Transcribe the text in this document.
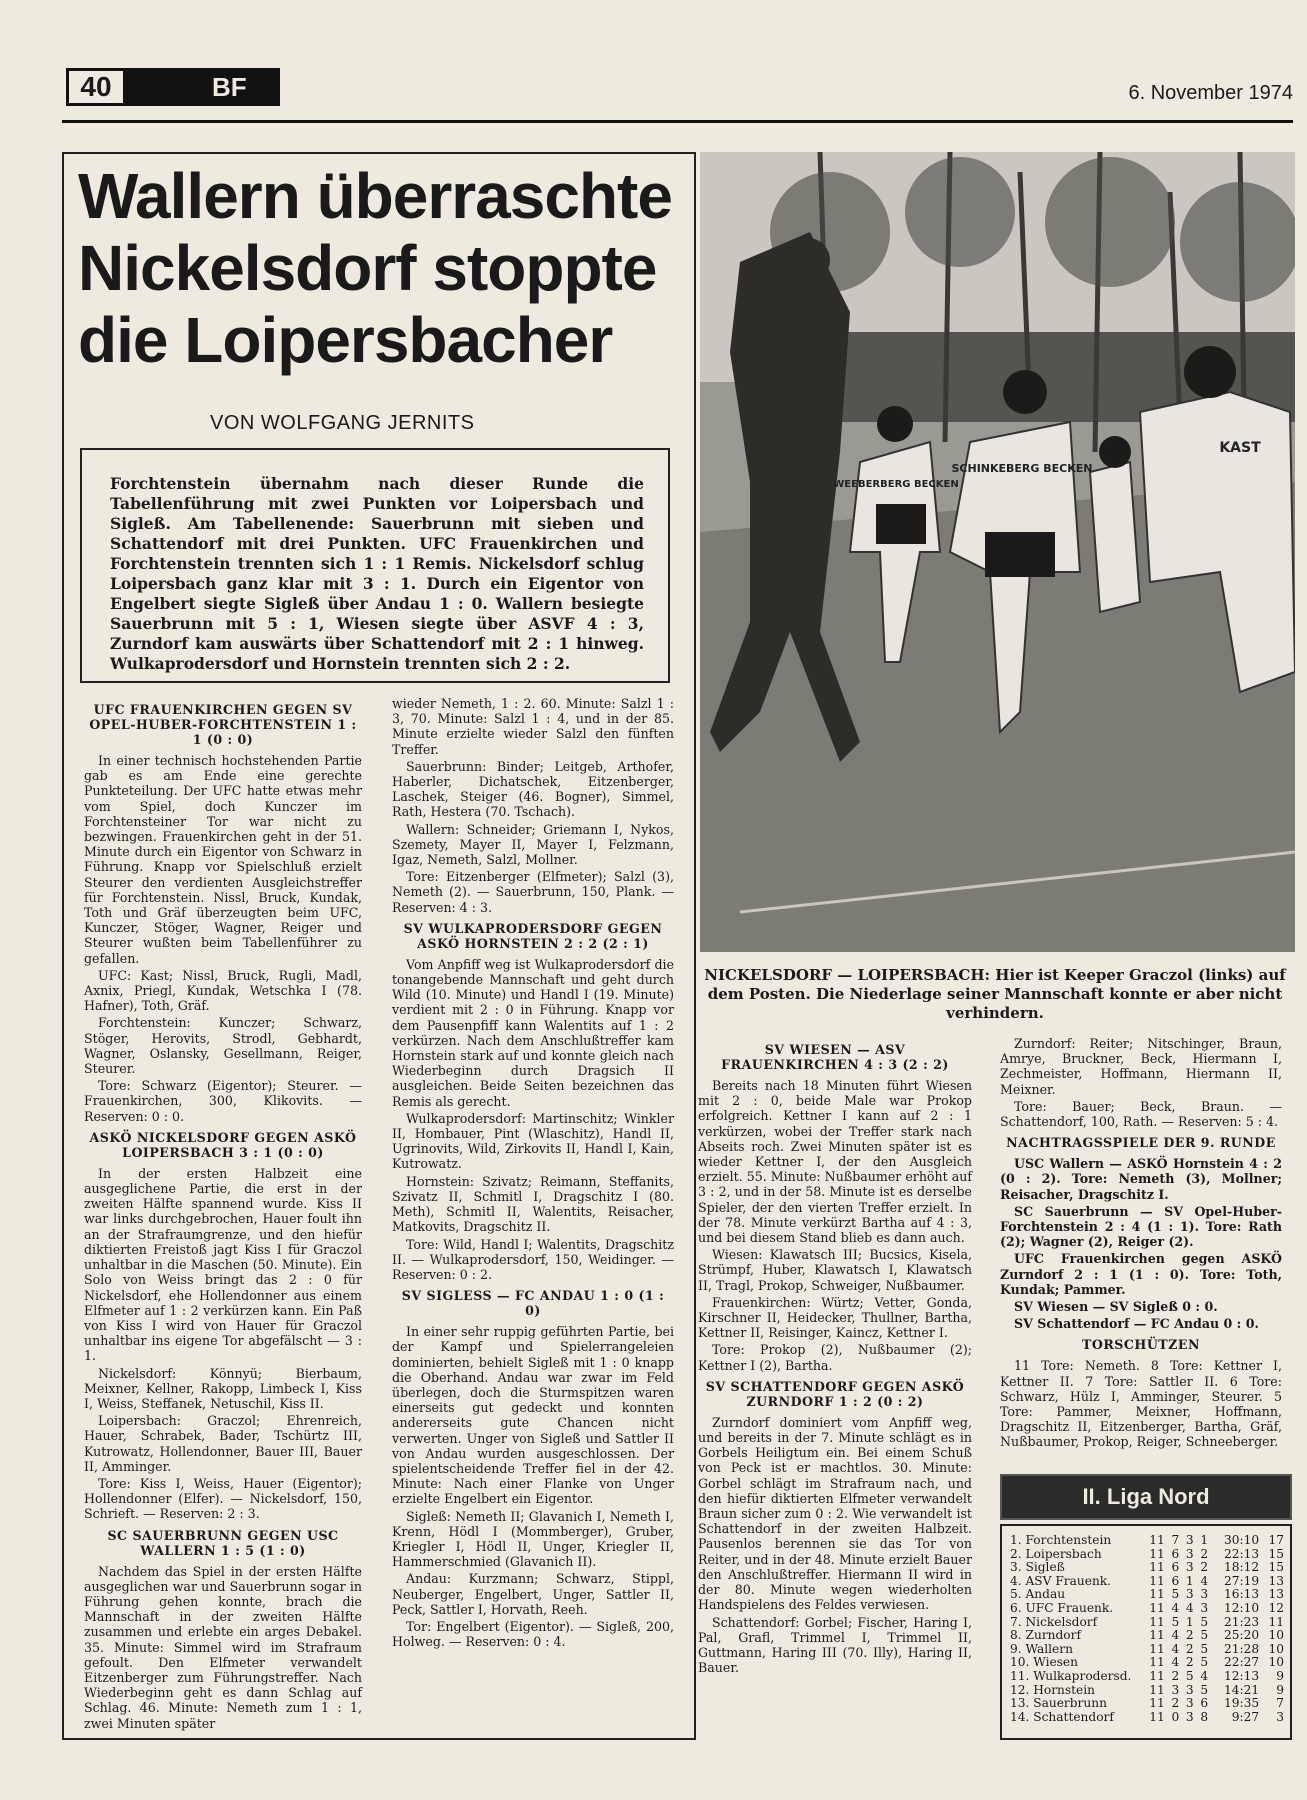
40	BF	6. November 1974
Wallern überraschte Nickelsdorf stoppte die Loipersbacher
VON WOLFGANG JERNITS
Forchtenstein übernahm nach dieser Runde die Tabellenführung mit zwei Punkten vor Loipersbach und Sigleß. Am Tabellenende: Sauerbrunn mit sieben und Schattendorf mit drei Punkten. UFC Frauenkirchen und Forchtenstein trennten sich 1 : 1 Remis. Nickelsdorf schlug Loipersbach ganz klar mit 3 : 1. Durch ein Eigentor von Engelbert siegte Sigleß über Andau 1 : 0. Wallern besiegte Sauerbrunn mit 5 : 1, Wiesen siegte über ASVF 4 : 3, Zurndorf kam auswärts über Schattendorf mit 2 : 1 hinweg. Wulkaprodersdorf und Hornstein trennten sich 2 : 2.
UFC FRAUENKIRCHEN GEGEN SV OPEL-HUBER-FORCHTENSTEIN 1 : 1 (0 : 0)

In einer technisch hochstehenden Partie gab es am Ende eine gerechte Punkteteilung. Der UFC hatte etwas mehr vom Spiel, doch Kunczer im Forchtensteiner Tor war nicht zu bezwingen. Frauenkirchen geht in der 51. Minute durch ein Eigentor von Schwarz in Führung. Knapp vor Spielschluß erzielt Steurer den verdienten Ausgleichstreffer für Forchtenstein. Nissl, Bruck, Kundak, Toth und Gräf überzeugten beim UFC, Kunczer, Stöger, Wagner, Reiger und Steurer wußten beim Tabellenführer zu gefallen.

UFC: Kast; Nissl, Bruck, Rugli, Madl, Axnix, Priegl, Kundak, Wetschka I (78. Hafner), Toth, Gräf.

Forchtenstein: Kunczer; Schwarz, Stöger, Herovits, Strodl, Gebhardt, Wagner, Oslansky, Gesellmann, Reiger, Steurer.

Tore: Schwarz (Eigentor); Steurer. — Frauenkirchen, 300, Klikovits. — Reserven: 0 : 0.

ASKÖ NICKELSDORF GEGEN ASKÖ LOIPERSBACH 3 : 1 (0 : 0)

In der ersten Halbzeit eine ausgeglichene Partie, die erst in der zweiten Hälfte spannend wurde. Kiss II war links durchgebrochen, Hauer foult ihn an der Strafraumgrenze, und den hiefür diktierten Freistoß jagt Kiss I für Graczol unhaltbar in die Maschen (50. Minute). Ein Solo von Weiss bringt das 2 : 0 für Nickelsdorf, ehe Hollendonner aus einem Elfmeter auf 1 : 2 verkürzen kann. Ein Paß von Kiss I wird von Hauer für Graczol unhaltbar ins eigene Tor abgefälscht — 3 : 1.

Nickelsdorf: Könnyü; Bierbaum, Meixner, Kellner, Rakopp, Limbeck I, Kiss I, Weiss, Steffanek, Netuschil, Kiss II.

Loipersbach: Graczol; Ehrenreich, Hauer, Schrabek, Bader, Tschürtz III, Kutrowatz, Hollendonner, Bauer III, Bauer II, Amminger.

Tore: Kiss I, Weiss, Hauer (Eigentor); Hollendonner (Elfer). — Nickelsdorf, 150, Schrieft. — Reserven: 2 : 3.

SC SAUERBRUNN GEGEN USC WALLERN 1 : 5 (1 : 0)

Nachdem das Spiel in der ersten Hälfte ausgeglichen war und Sauerbrunn sogar in Führung gehen konnte, brach die Mannschaft in der zweiten Hälfte zusammen und erlebte ein arges Debakel. 35. Minute: Simmel wird im Strafraum gefoult. Den Elfmeter verwandelt Eitzenberger zum Führungstreffer. Nach Wiederbeginn geht es dann Schlag auf Schlag. 46. Minute: Nemeth zum 1 : 1, zwei Minuten später

wieder Nemeth, 1 : 2. 60. Minute: Salzl 1 : 3, 70. Minute: Salzl 1 : 4, und in der 85. Minute erzielte wieder Salzl den fünften Treffer.

Sauerbrunn: Binder; Leitgeb, Arthofer, Haberler, Dichatschek, Eitzenberger, Laschek, Steiger (46. Bogner), Simmel, Rath, Hestera (70. Tschach).

Wallern: Schneider; Griemann I, Nykos, Szemety, Mayer II, Mayer I, Felzmann, Igaz, Nemeth, Salzl, Mollner.

Tore: Eitzenberger (Elfmeter); Salzl (3), Nemeth (2). — Sauerbrunn, 150, Plank. — Reserven: 4 : 3.

SV WULKAPRODERSDORF GEGEN ASKÖ HORNSTEIN 2 : 2 (2 : 1)

Vom Anpfiff weg ist Wulkaprodersdorf die tonangebende Mannschaft und geht durch Wild (10. Minute) und Handl I (19. Minute) verdient mit 2 : 0 in Führung. Knapp vor dem Pausenpfiff kann Walentits auf 1 : 2 verkürzen. Nach dem Anschlußtreffer kam Hornstein stark auf und konnte gleich nach Wiederbeginn durch Dragsich II ausgleichen. Beide Seiten bezeichnen das Remis als gerecht.

Wulkaprodersdorf: Martinschitz; Winkler II, Hombauer, Pint (Wlaschitz), Handl II, Ugrinovits, Wild, Zirkovits II, Handl I, Kain, Kutrowatz.

Hornstein: Szivatz; Reimann, Steffanits, Szivatz II, Schmitl I, Dragschitz I (80. Meth), Schmitl II, Walentits, Reisacher, Matkovits, Dragschitz II.

Tore: Wild, Handl I; Walentits, Dragschitz II. — Wulkaprodersdorf, 150, Weidinger. — Reserven: 0 : 2.

SV SIGLESS — FC ANDAU 1 : 0 (1 : 0)

In einer sehr ruppig geführten Partie, bei der Kampf und Spielerrangeleien dominierten, behielt Sigleß mit 1 : 0 knapp die Oberhand. Andau war zwar im Feld überlegen, doch die Sturmspitzen waren einerseits gut gedeckt und konnten andererseits gute Chancen nicht verwerten. Unger von Sigleß und Sattler II von Andau wurden ausgeschlossen. Der spielentscheidende Treffer fiel in der 42. Minute: Nach einer Flanke von Unger erzielte Engelbert ein Eigentor.

Sigleß: Nemeth II; Glavanich I, Nemeth I, Krenn, Hödl I (Mommberger), Gruber, Kriegler I, Hödl II, Unger, Kriegler II, Hammerschmied (Glavanich II).

Andau: Kurzmann; Schwarz, Stippl, Neuberger, Engelbert, Unger, Sattler II, Peck, Sattler I, Horvath, Reeh.

Tor: Engelbert (Eigentor). — Sigleß, 200, Holweg. — Reserven: 0 : 4.

WEEBERBERG BECKEN
SCHINKEBERG BECKEN
KAST
NICKELSDORF — LOIPERSBACH: Hier ist Keeper Graczol (links) auf dem Posten. Die Niederlage seiner Mannschaft konnte er aber nicht verhindern.
SV WIESEN — ASV FRAUENKIRCHEN 4 : 3 (2 : 2)

Bereits nach 18 Minuten führt Wiesen mit 2 : 0, beide Male war Prokop erfolgreich. Kettner I kann auf 2 : 1 verkürzen, wobei der Treffer stark nach Abseits roch. Zwei Minuten später ist es wieder Kettner I, der den Ausgleich erzielt. 55. Minute: Nußbaumer erhöht auf 3 : 2, und in der 58. Minute ist es derselbe Spieler, der den vierten Treffer erzielt. In der 78. Minute verkürzt Bartha auf 4 : 3, und bei diesem Stand blieb es dann auch.

Wiesen: Klawatsch III; Bucsics, Kisela, Strümpf, Huber, Klawatsch I, Klawatsch II, Tragl, Prokop, Schweiger, Nußbaumer.

Frauenkirchen: Würtz; Vetter, Gonda, Kirschner II, Heidecker, Thullner, Bartha, Kettner II, Reisinger, Kaincz, Kettner I.

Tore: Prokop (2), Nußbaumer (2); Kettner I (2), Bartha.

SV SCHATTENDORF GEGEN ASKÖ ZURNDORF 1 : 2 (0 : 2)

Zurndorf dominiert vom Anpfiff weg, und bereits in der 7. Minute schlägt es in Gorbels Heiligtum ein. Bei einem Schuß von Peck ist er machtlos. 30. Minute: Gorbel schlägt im Strafraum nach, und den hiefür diktierten Elfmeter verwandelt Braun sicher zum 0 : 2. Wie verwandelt ist Schattendorf in der zweiten Halbzeit. Pausenlos berennen sie das Tor von Reiter, und in der 48. Minute erzielt Bauer den Anschlußtreffer. Hiermann II wird in der 80. Minute wegen wiederholten Handspielens des Feldes verwiesen.

Schattendorf: Gorbel; Fischer, Haring I, Pal, Grafl, Trimmel I, Trimmel II, Guttmann, Haring III (70. Illy), Haring II, Bauer.

Zurndorf: Reiter; Nitschinger, Braun, Amrye, Bruckner, Beck, Hiermann I, Zechmeister, Hoffmann, Hiermann II, Meixner.

Tore: Bauer; Beck, Braun. — Schattendorf, 100, Rath. — Reserven: 5 : 4.

NACHTRAGSSPIELE DER 9. RUNDE

USC Wallern — ASKÖ Hornstein 4 : 2 (0 : 2). Tore: Nemeth (3), Mollner; Reisacher, Dragschitz I.

SC Sauerbrunn — SV Opel-Huber-Forchtenstein 2 : 4 (1 : 1). Tore: Rath (2); Wagner (2), Reiger (2).

UFC Frauenkirchen gegen ASKÖ Zurndorf 2 : 1 (1 : 0). Tore: Toth, Kundak; Pammer.

SV Wiesen — SV Sigleß 0 : 0.

SV Schattendorf — FC Andau 0 : 0.

TORSCHÜTZEN

11 Tore: Nemeth. 8 Tore: Kettner I, Kettner II. 7 Tore: Sattler II. 6 Tore: Schwarz, Hülz I, Amminger, Steurer. 5 Tore: Pammer, Meixner, Hoffmann, Dragschitz II, Eitzenberger, Bartha, Gräf, Nußbaumer, Prokop, Reiger, Schneeberger.

II. Liga Nord
1. Forchtenstein	11	7	3	1	30:10	17
2. Loipersbach	11	6	3	2	22:13	15
3. Sigleß	11	6	3	2	18:12	15
4. ASV Frauenk.	11	6	1	4	27:19	13
5. Andau	11	5	3	3	16:13	13
6. UFC Frauenk.	11	4	4	3	12:10	12
7. Nickelsdorf	11	5	1	5	21:23	11
8. Zurndorf	11	4	2	5	25:20	10
9. Wallern	11	4	2	5	21:28	10
10. Wiesen	11	4	2	5	22:27	10
11. Wulkaprodersd.	11	2	5	4	12:13	9
12. Hornstein	11	3	3	5	14:21	9
13. Sauerbrunn	11	2	3	6	19:35	7
14. Schattendorf	11	0	3	8	9:27	3
